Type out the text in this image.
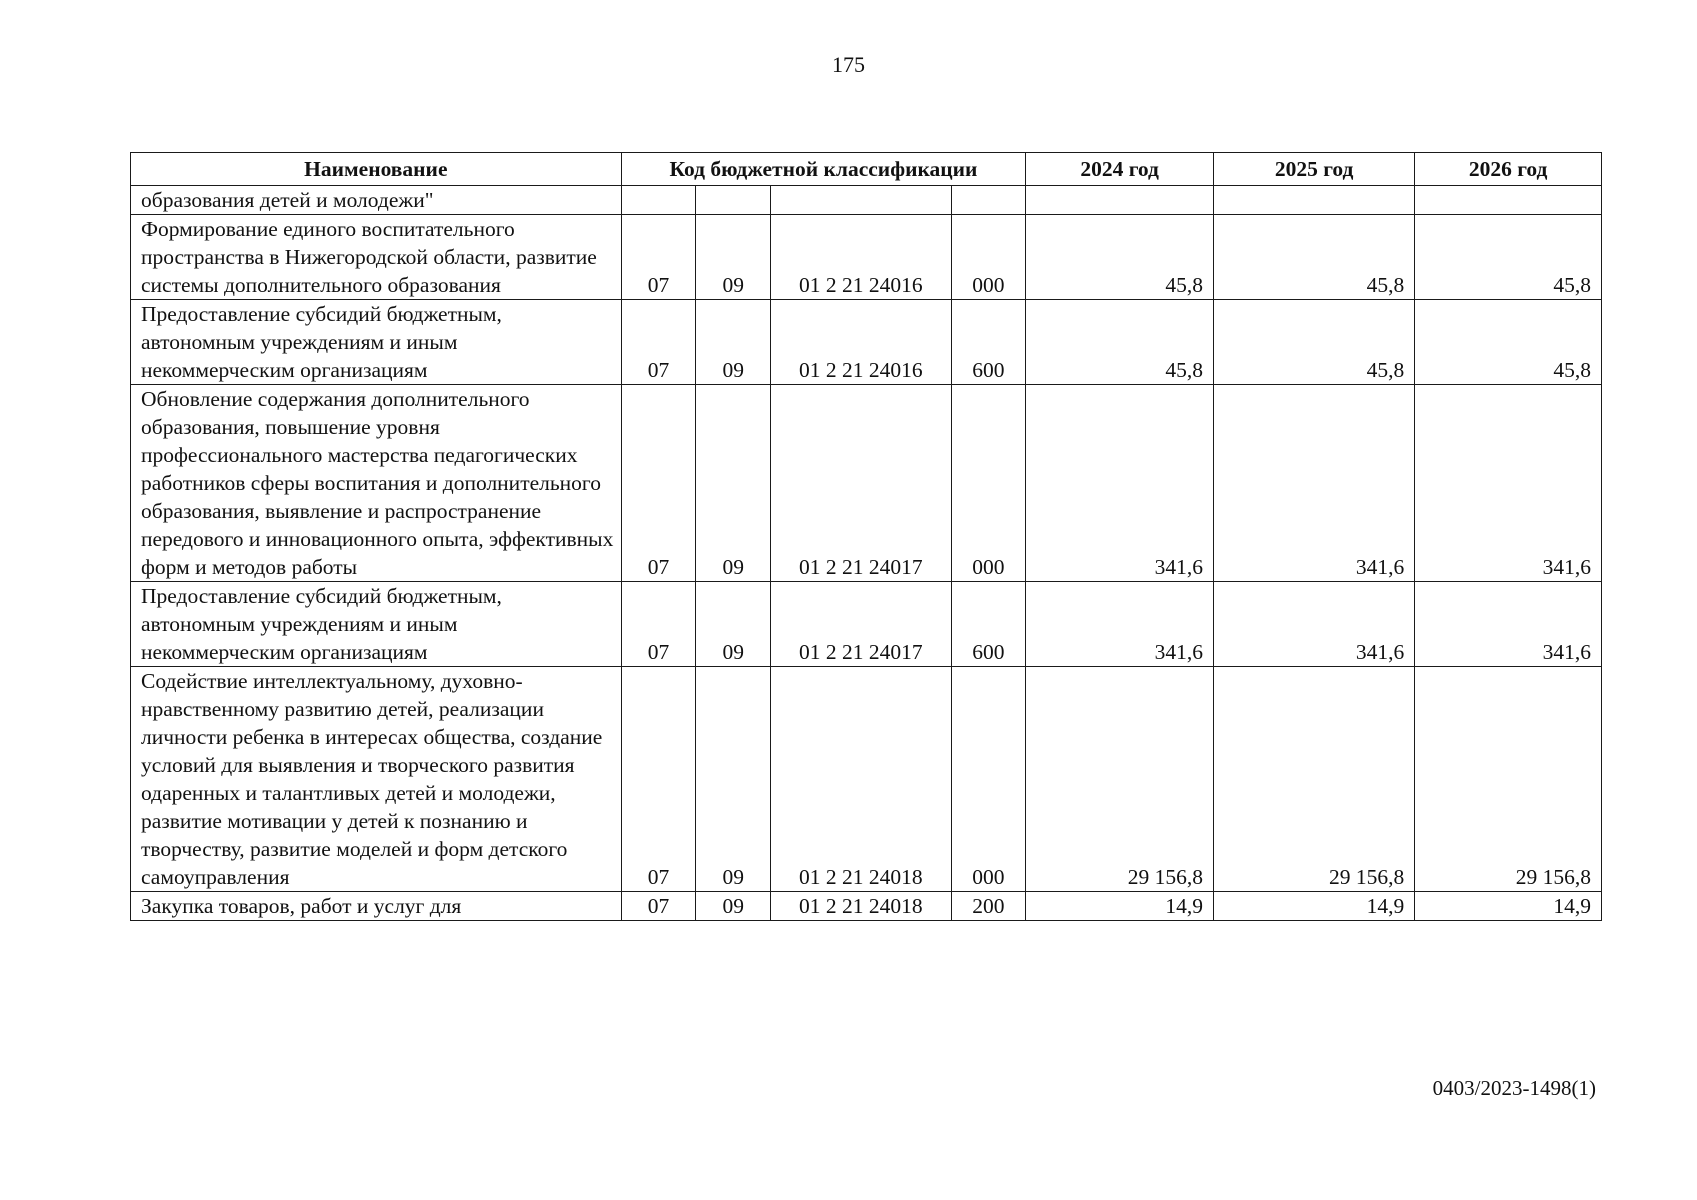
175
Наименование	Код бюджетной классификации				2024 год	2025 год	2026 год
образования детей и молодежи"							
Формирование единого воспитательного пространства в Нижегородской области, развитие системы дополнительного образования	07	09	01 2 21 24016	000	45,8	45,8	45,8
Предоставление субсидий бюджетным, автономным учреждениям и иным некоммерческим организациям	07	09	01 2 21 24016	600	45,8	45,8	45,8
Обновление содержания дополнительного образования, повышение уровня профессионального мастерства педагогических работников сферы воспитания и дополнительного образования, выявление и распространение передового и инновационного опыта, эффективных форм и методов работы	07	09	01 2 21 24017	000	341,6	341,6	341,6
Предоставление субсидий бюджетным, автономным учреждениям и иным некоммерческим организациям	07	09	01 2 21 24017	600	341,6	341,6	341,6
Содействие интеллектуальному, духовно-нравственному развитию детей, реализации личности ребенка в интересах общества, создание условий для выявления и творческого развития одаренных и талантливых детей и молодежи, развитие мотивации у детей к познанию и творчеству, развитие моделей и форм детского самоуправления	07	09	01 2 21 24018	000	29 156,8	29 156,8	29 156,8
Закупка товаров, работ и услуг для	07	09	01 2 21 24018	200	14,9	14,9	14,9
0403/2023-1498(1)
